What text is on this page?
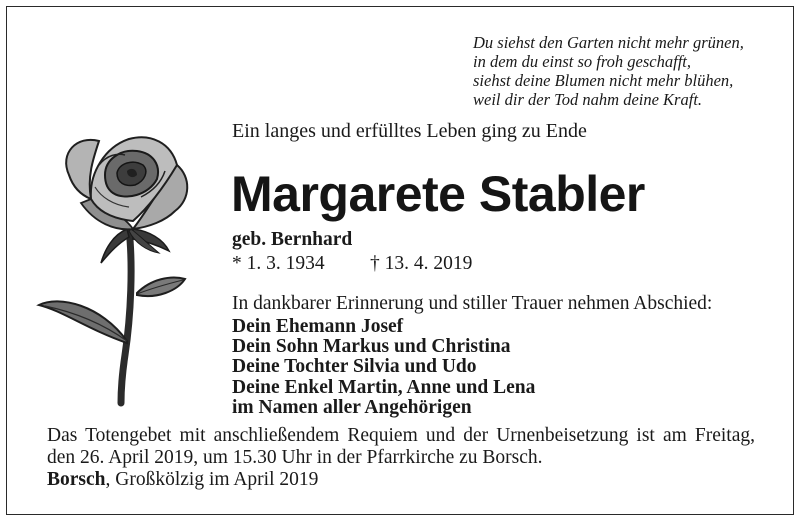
Du siehst den Garten nicht mehr grünen,
in dem du einst so froh geschafft,
siehst deine Blumen nicht mehr blühen,
weil dir der Tod nahm deine Kraft.
Ein langes und erfülltes Leben ging zu Ende
Margarete Stabler
geb. Bernhard
* 1. 3. 1934 † 13. 4. 2019
In dankbarer Erinnerung und stiller Trauer nehmen Abschied:
Dein Ehemann Josef
Dein Sohn Markus und Christina
Deine Tochter Silvia und Udo
Deine Enkel Martin, Anne und Lena
im Namen aller Angehörigen
Das Totengebet mit anschließendem Requiem und der Urnenbeisetzung ist am Freitag, den 26. April 2019, um 15.30 Uhr in der Pfarrkirche zu Borsch.
Borsch, Großkölzig im April 2019
